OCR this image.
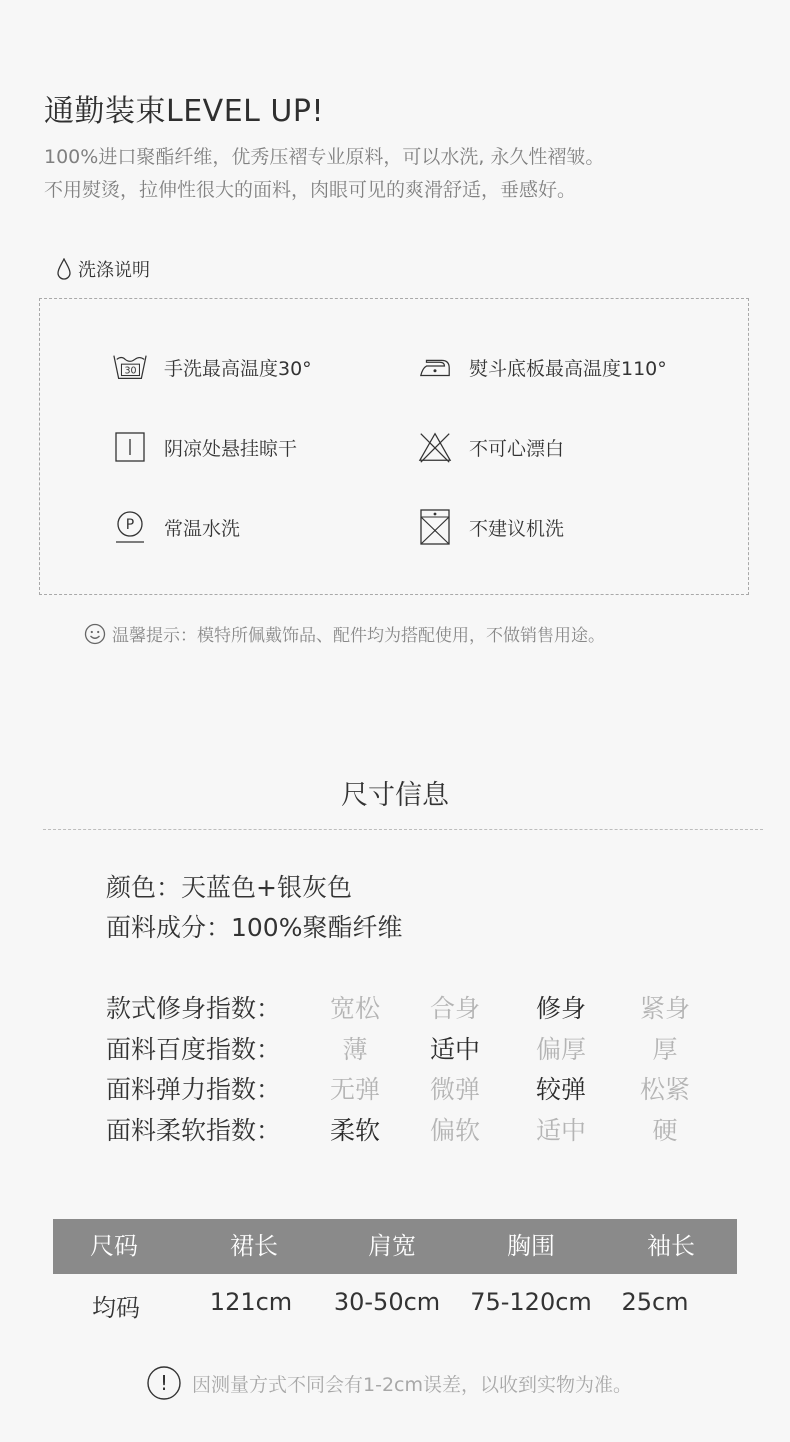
通勤装束LEVEL UP!
100%进口聚酯纤维，优秀压褶专业原料，可以水洗, 永久性褶皱。
不用熨烫，拉伸性很大的面料，肉眼可见的爽滑舒适，垂感好。
洗涤说明
30 手洗最高温度30°	熨斗底板最高温度110°
阴凉处悬挂晾干	不可心漂白
P 常温水洗	不建议机洗
温馨提示：模特所佩戴饰品、配件均为搭配使用，不做销售用途。
尺寸信息
颜色：天蓝色+银灰色
面料成分：100%聚酯纤维
款式修身指数：	宽松	合身	修身	紧身
面料百度指数：	薄	适中	偏厚	厚
面料弹力指数：	无弹	微弹	较弹	松紧
面料柔软指数：	柔软	偏软	适中	硬
尺码	裙长	肩宽	胸围	袖长
均码	121cm	30-50cm	75-120cm	25cm
! 因测量方式不同会有1-2cm误差，以收到实物为准。
